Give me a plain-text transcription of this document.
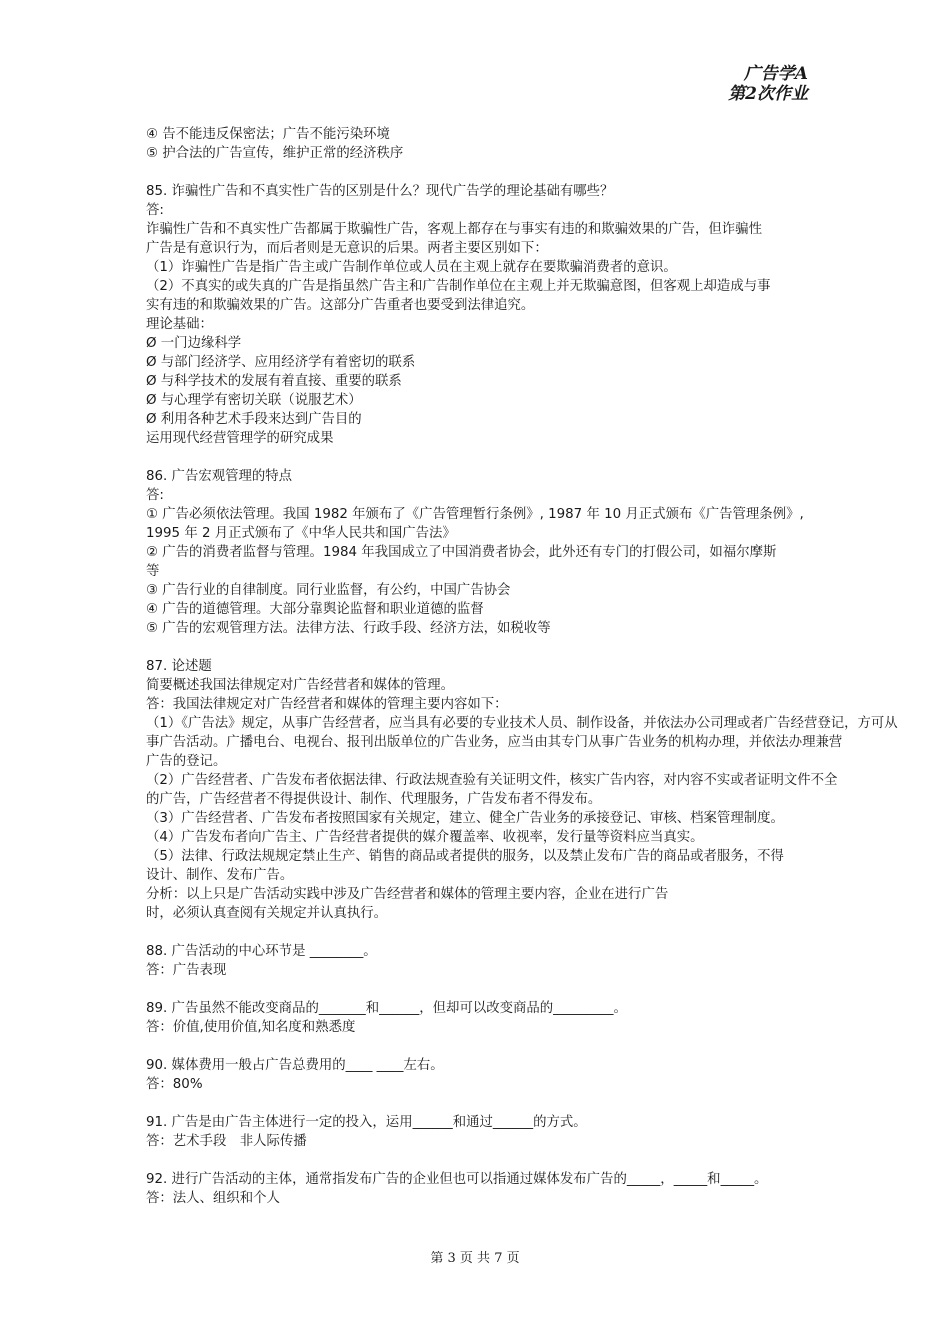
广告学A
第2次作业
④ 告不能违反保密法；广告不能污染环境
⑤ 护合法的广告宣传，维护正常的经济秩序
85. 诈骗性广告和不真实性广告的区别是什么？现代广告学的理论基础有哪些？
答:
诈骗性广告和不真实性广告都属于欺骗性广告，客观上都存在与事实有违的和欺骗效果的广告，但诈骗性
广告是有意识行为，而后者则是无意识的后果。两者主要区别如下：
（1）诈骗性广告是指广告主或广告制作单位或人员在主观上就存在要欺骗消费者的意识。
（2）不真实的或失真的广告是指虽然广告主和广告制作单位在主观上并无欺骗意图，但客观上却造成与事
实有违的和欺骗效果的广告。这部分广告重者也要受到法律追究。
理论基础：
Ø 一门边缘科学
Ø 与部门经济学、应用经济学有着密切的联系
Ø 与科学技术的发展有着直接、重要的联系
Ø 与心理学有密切关联（说服艺术）
Ø 利用各种艺术手段来达到广告目的
运用现代经营管理学的研究成果
86. 广告宏观管理的特点
答:
① 广告必须依法管理。我国 1982 年颁布了《广告管理暂行条例》, 1987 年 10 月正式颁布《广告管理条例》,
1995 年 2 月正式颁布了《中华人民共和国广告法》
② 广告的消费者监督与管理。1984 年我国成立了中国消费者协会，此外还有专门的打假公司，如福尔摩斯
等
③ 广告行业的自律制度。同行业监督，有公约，中国广告协会
④ 广告的道德管理。大部分靠舆论监督和职业道德的监督
⑤ 广告的宏观管理方法。法律方法、行政手段、经济方法，如税收等
87. 论述题
简要概述我国法律规定对广告经营者和媒体的管理。
答：我国法律规定对广告经营者和媒体的管理主要内容如下：
（1）《广告法》规定，从事广告经营者，应当具有必要的专业技术人员、制作设备，并依法办公司理或者广告经营登记，方可从
事广告活动。广播电台、电视台、报刊出版单位的广告业务，应当由其专门从事广告业务的机构办理，并依法办理兼营
广告的登记。
（2）广告经营者、广告发布者依据法律、行政法规查验有关证明文件，核实广告内容，对内容不实或者证明文件不全
的广告，广告经营者不得提供设计、制作、代理服务，广告发布者不得发布。
（3）广告经营者、广告发布者按照国家有关规定，建立、健全广告业务的承接登记、审核、档案管理制度。
（4）广告发布者向广告主、广告经营者提供的媒介覆盖率、收视率，发行量等资料应当真实。
（5）法律、行政法规规定禁止生产、销售的商品或者提供的服务，以及禁止发布广告的商品或者服务，不得
设计、制作、发布广告。
分析：以上只是广告活动实践中涉及广告经营者和媒体的管理主要内容，企业在进行广告
时，必须认真查阅有关规定并认真执行。
88. 广告活动的中心环节是 ________。
答：广告表现
89. 广告虽然不能改变商品的_______和______，但却可以改变商品的_________。
答：价值,使用价值,知名度和熟悉度
90. 媒体费用一般占广告总费用的____ ____左右。
答：80%
91. 广告是由广告主体进行一定的投入，运用______和通过______的方式。
答：艺术手段　非人际传播
92. 进行广告活动的主体，通常指发布广告的企业但也可以指通过媒体发布广告的_____，_____和_____。
答：法人、组织和个人
第 3 页 共 7 页
